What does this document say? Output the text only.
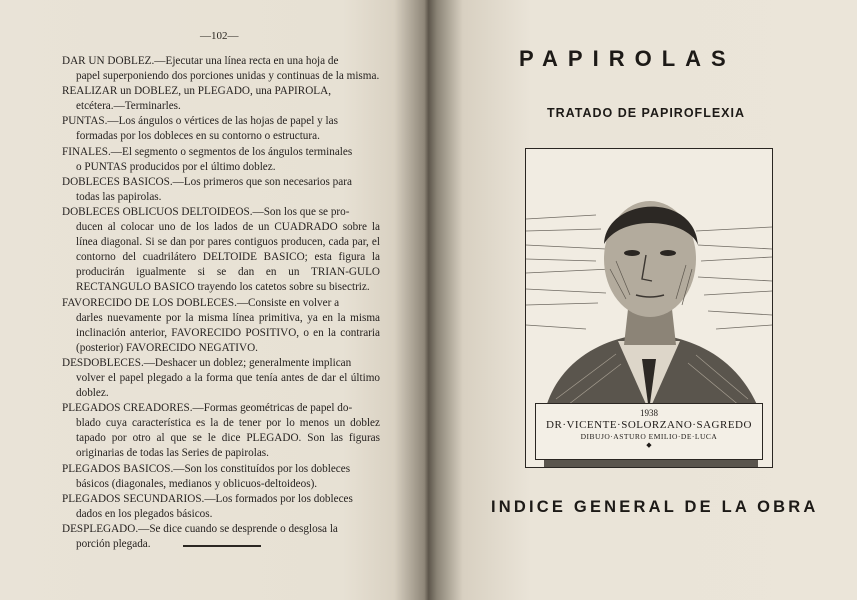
—102—
DAR UN DOBLEZ.—Ejecutar una línea recta en una hoja de
papel superponiendo dos porciones unidas y continuas de la misma.
REALIZAR un DOBLEZ, un PLEGADO, una PAPIROLA,
etcétera.—Terminarles.
PUNTAS.—Los ángulos o vértices de las hojas de papel y las
formadas por los dobleces en su contorno o estructura.
FINALES.—El segmento o segmentos de los ángulos terminales
o PUNTAS producidos por el último doblez.
DOBLECES BASICOS.—Los primeros que son necesarios para
todas las papirolas.
DOBLECES OBLICUOS DELTOIDEOS.—Son los que se pro-
ducen al colocar uno de los lados de un CUADRADO sobre la línea diagonal. Si se dan por pares contiguos producen, cada par, el contorno del cuadrilátero DELTOIDE BASICO; esta figura la producirán igualmente si se dan en un TRIAN-GULO RECTANGULO BASICO trayendo los catetos sobre su bisectriz.
FAVORECIDO DE LOS DOBLECES.—Consiste en volver a
darles nuevamente por la misma línea primitiva, ya en la misma inclinación anterior, FAVORECIDO POSITIVO, o en la contraria (posterior) FAVORECIDO NEGATIVO.
DESDOBLECES.—Deshacer un doblez; generalmente implican
volver el papel plegado a la forma que tenía antes de dar el último doblez.
PLEGADOS CREADORES.—Formas geométricas de papel do-
blado cuya característica es la de tener por lo menos un doblez tapado por otro al que se le dice PLEGADO. Son las figuras originarias de todas las Series de papirolas.
PLEGADOS BASICOS.—Son los constituídos por los dobleces
básicos (diagonales, medianos y oblicuos-deltoideos).
PLEGADOS SECUNDARIOS.—Los formados por los dobleces
dados en los plegados básicos.
DESPLEGADO.—Se dice cuando se desprende o desglosa la
porción plegada.
PAPIROLAS
TRATADO DE PAPIROFLEXIA
1938
DR·VICENTE·SOLORZANO·SAGREDO
DIBUJO·ASTURO EMILIO·DE·LUCA
◆
INDICE GENERAL DE LA OBRA
